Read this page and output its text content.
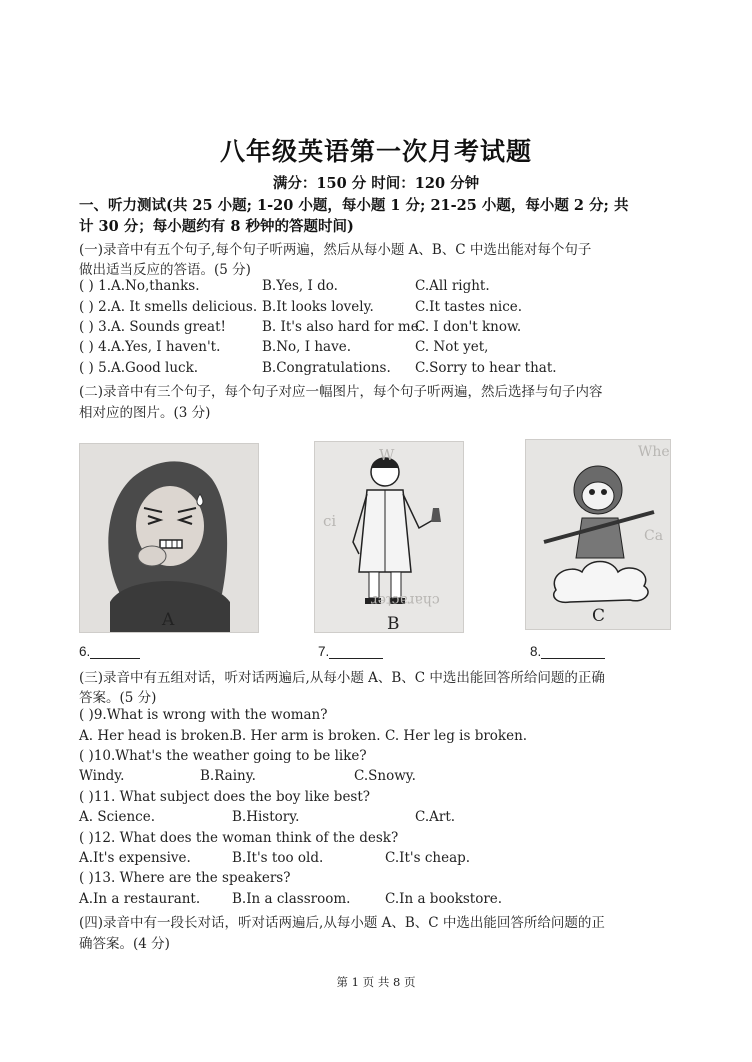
八年级英语第一次月考试题
满分：150 分 时间：120 分钟
一、听力测试(共 25 小题; 1-20 小题，每小题 1 分; 21-25 小题，每小题 2 分; 共
计 30 分；每小题约有 8 秒钟的答题时间)
(一)录音中有五个句子,每个句子听两遍，然后从每小题 A、B、C 中选出能对每个句子
做出适当反应的答语。(5 分)
( ) 1.A.No,thanks.	B.Yes, I do.	C.All right.
( ) 2.A. It smells delicious. B.It looks lovely.	C.It tastes nice.
( ) 3.A. Sounds great!	B. It's also hard for me.
C. I don't know.
( ) 4.A.Yes, I haven't.	B.No, I have.	C. Not yet,
( ) 5.A.Good luck.	B.Congratulations. C.Sorry to hear that.
(二)录音中有三个句子，每个句子对应一幅图片，每个句子听两遍，然后选择与句子内容
相对应的图片。(3 分)
A
W
ci
character
B
Whe
Ca
C
6.	7.	8.
(三)录音中有五组对话，听对话两遍后,从每小题 A、B、C 中选出能回答所给问题的正确
答案。(5 分)
( )9.What is wrong with the woman?
A. Her head is broken.
B. Her arm is broken. C. Her leg is broken.
( )10.What's the weather going to be like?
Windy.	B.Rainy.	C.Snowy.
( )11. What subject does the boy like best?
A. Science.	B.History.	C.Art.
( )12. What does the woman think of the desk?
A.It's expensive.	B.It's too old.	C.It's cheap.
( )13. Where are the speakers?
A.In a restaurant. B.In a classroom.	C.In a bookstore.
(四)录音中有一段长对话，听对话两遍后,从每小题 A、B、C 中选出能回答所给问题的正
确答案。(4 分)
第 1 页 共 8 页
